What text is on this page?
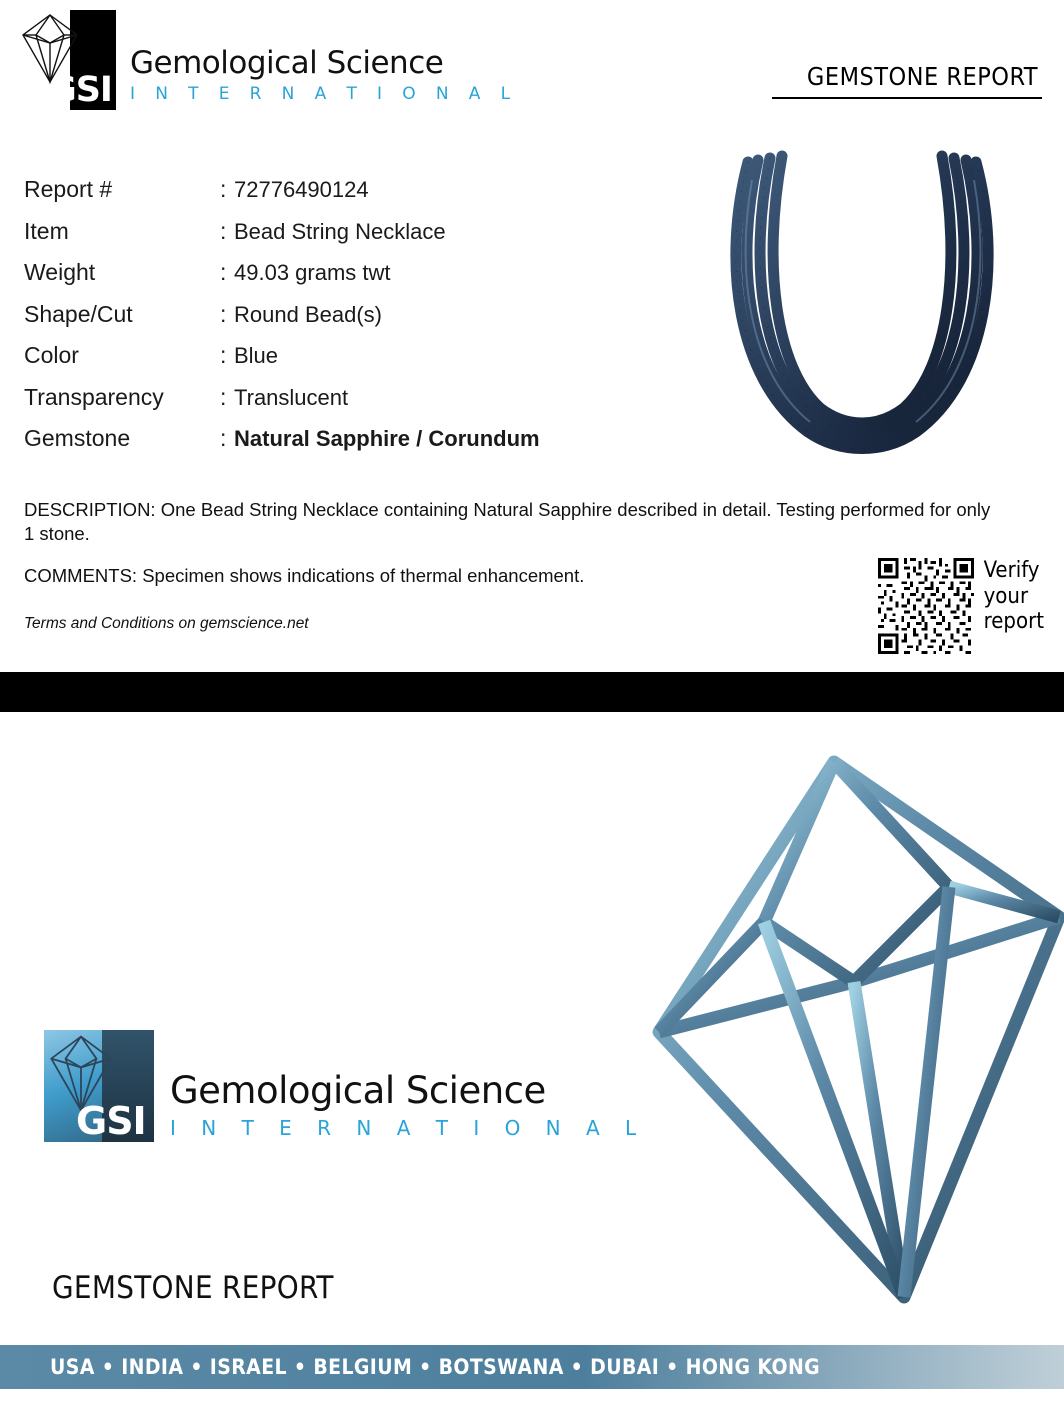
GSI
Gemological Science
I N T E R N A T I O N A L
GEMSTONE REPORT
Report #	: 72776490124
Item	: Bead String Necklace
Weight	: 49.03 grams twt
Shape/Cut	: Round Bead(s)
Color	: Blue
Transparency	: Translucent
Gemstone	: Natural Sapphire / Corundum
DESCRIPTION: One Bead String Necklace containing Natural Sapphire described in detail. Testing performed for only 1 stone.
COMMENTS: Specimen shows indications of thermal enhancement.
Terms and Conditions on gemscience.net
Verify
your
report
GSI
Gemological Science
I N T E R N A T I O N A L
GEMSTONE REPORT
USA • INDIA • ISRAEL • BELGIUM • BOTSWANA • DUBAI • HONG KONG
